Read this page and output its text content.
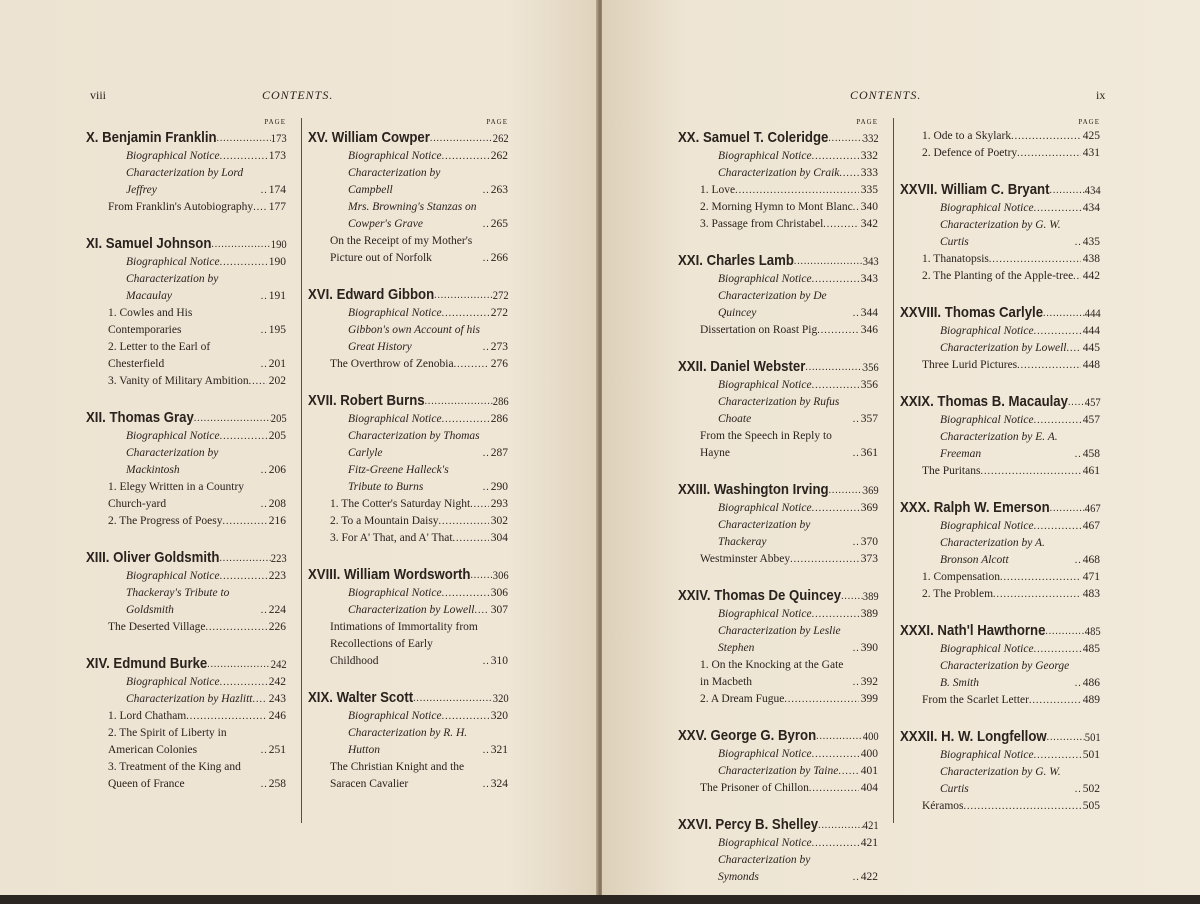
viii	CONTENTS.
PAGE
X. Benjamin Franklin .....	173
Biographical Notice .....	173
Characterization by Lord Jeffrey .....	174
From Franklin's Autobiography ..... 177
XI. Samuel Johnson .....	190
Biographical Notice .....	190
Characterization by Macaulay .....	191
1. Cowles and His Contemporaries .....	195
2. Letter to the Earl of Chesterfield .....	201
3. Vanity of Military Ambition ..... 202
XII. Thomas Gray .....	205
Biographical Notice .....	205
Characterization by Mackintosh .....	206
1. Elegy Written in a Country Church-yard .....	208
2. The Progress of Poesy .....	216
XIII. Oliver Goldsmith .....	223
Biographical Notice .....	223
Thackeray's Tribute to Goldsmith .....	224
The Deserted Village .....	226
XIV. Edmund Burke .....	242
Biographical Notice .....	242
Characterization by Hazlitt ..... 243
1. Lord Chatham .....	246
2. The Spirit of Liberty in American Colonies .....	251
3. Treatment of the King and Queen of France .....	258
PAGE
XV. William Cowper .....	262
Biographical Notice .....	262
Characterization by Campbell .....	263
Mrs. Browning's Stanzas on Cowper's Grave .....	265
On the Receipt of my Mother's Picture out of Norfolk .....	266
XVI. Edward Gibbon .....	272
Biographical Notice .....	272
Gibbon's own Account of his Great History .....	273
The Overthrow of Zenobia .....	276
XVII. Robert Burns .....	286
Biographical Notice .....	286
Characterization by Thomas Carlyle .....	287
Fitz-Greene Halleck's Tribute to Burns .....	290
1. The Cotter's Saturday Night ..... 293
2. To a Mountain Daisy .....	302
3. For A' That, and A' That .....	304
XVIII. William Wordsworth ..... 306
Biographical Notice .....	306
Characterization by Lowell ..... 307
Intimations of Immortality from Recollections of Early Childhood .....	310
XIX. Walter Scott .....	320
Biographical Notice .....	320
Characterization by R. H. Hutton .....	321
The Christian Knight and the Saracen Cavalier .....	324
CONTENTS.	ix
PAGE
XX. Samuel T. Coleridge .....	332
Biographical Notice .....	332
Characterization by Craik ..... 333
1. Love .....	335
2. Morning Hymn to Mont Blanc ..... 340
3. Passage from Christabel .....	342
XXI. Charles Lamb .....	343
Biographical Notice .....	343
Characterization by De Quincey .....	344
Dissertation on Roast Pig .....	346
XXII. Daniel Webster .....	356
Biographical Notice .....	356
Characterization by Rufus Choate .....	357
From the Speech in Reply to Hayne .....	361
XXIII. Washington Irving .....	369
Biographical Notice .....	369
Characterization by Thackeray .....	370
Westminster Abbey .....	373
XXIV. Thomas De Quincey ..... 389
Biographical Notice .....	389
Characterization by Leslie Stephen .....	390
1. On the Knocking at the Gate in Macbeth .....	392
2. A Dream Fugue .....	399
XXV. George G. Byron .....	400
Biographical Notice .....	400
Characterization by Taine ..... 401
The Prisoner of Chillon .....	404
XXVI. Percy B. Shelley .....	421
Biographical Notice .....	421
Characterization by Symonds .....	422
PAGE
1. Ode to a Skylark .....	425
2. Defence of Poetry .....	431
XXVII. William C. Bryant .....	434
Biographical Notice .....	434
Characterization by G. W. Curtis .....	435
1. Thanatopsis .....	438
2. The Planting of the Apple-tree ..... 442
XXVIII. Thomas Carlyle .....	444
Biographical Notice .....	444
Characterization by Lowell ..... 445
Three Lurid Pictures .....	448
XXIX. Thomas B. Macaulay ..... 457
Biographical Notice .....	457
Characterization by E. A. Freeman .....	458
The Puritans .....	461
XXX. Ralph W. Emerson .....	467
Biographical Notice .....	467
Characterization by A. Bronson Alcott .....	468
1. Compensation .....	471
2. The Problem .....	483
XXXI. Nath'l Hawthorne .....	485
Biographical Notice .....	485
Characterization by George B. Smith .....	486
From the Scarlet Letter .....	489
XXXII. H. W. Longfellow .....	501
Biographical Notice .....	501
Characterization by G. W. Curtis .....	502
Kéramos .....	505
